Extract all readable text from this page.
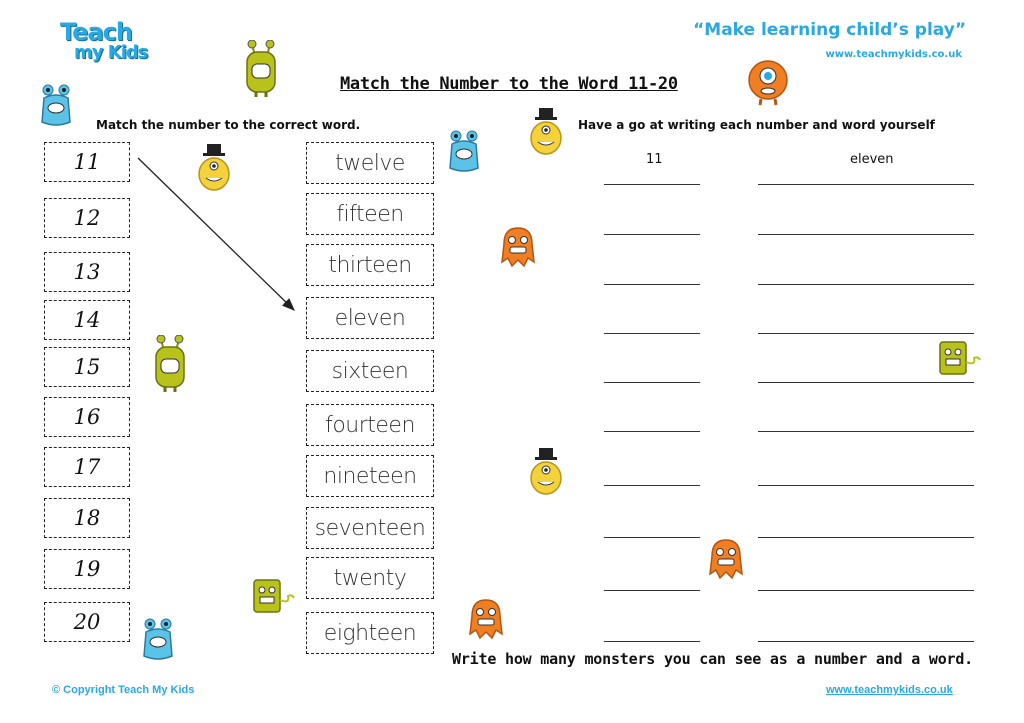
Teach
my Kids
“Make learning child’s play”
www.teachmykids.co.uk
Match the Number to the Word 11-20
Match the number to the correct word.	Have a go at writing each number and word yourself
11
12
13
14
15
16
17
18
19
20
twelve
fifteen
thirteen
eleven
sixteen
fourteen
nineteen
seventeen
twenty
eighteen
11	eleven
Write how many monsters you can see as a number and a word.
© Copyright Teach My Kids	www.teachmykids.co.uk
